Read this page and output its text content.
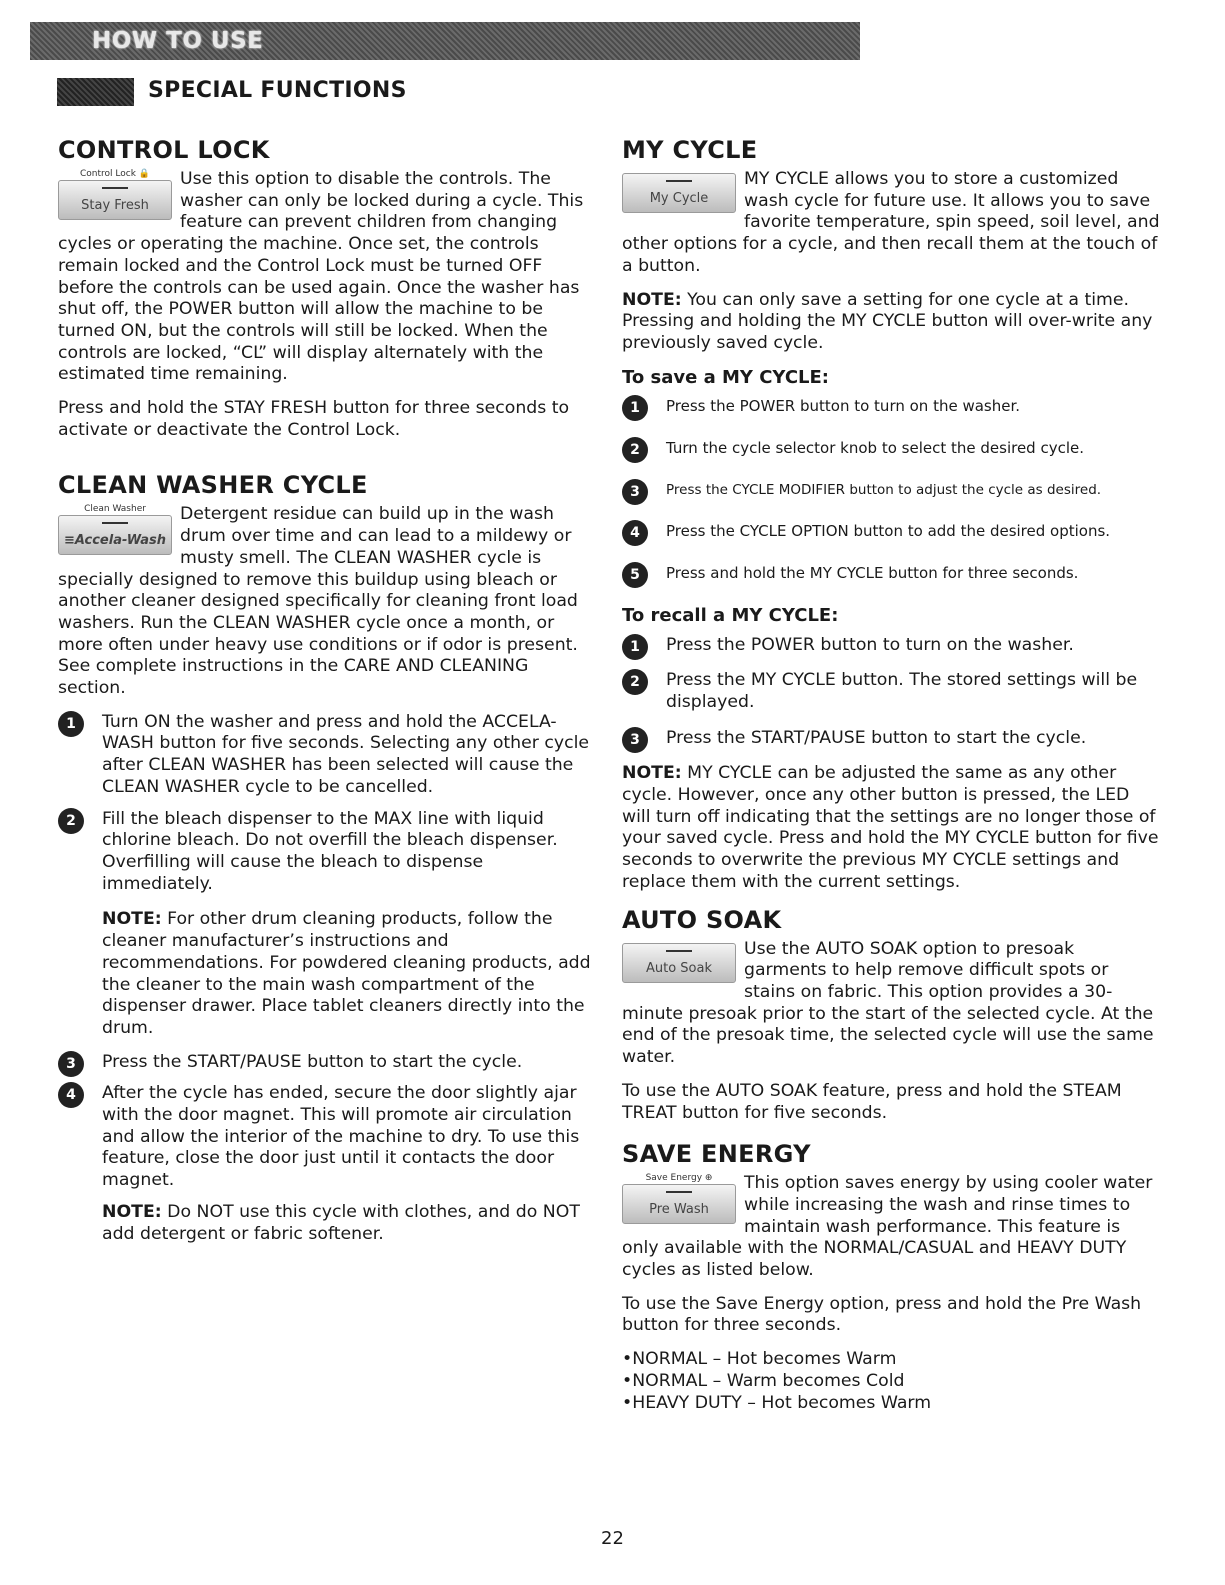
HOW TO USE
SPECIAL FUNCTIONS
CONTROL LOCK
Control Lock 🔒
Stay Fresh

Use this option to disable the controls. The washer can only be locked during a cycle. This feature can prevent children from changing cycles or operating the machine. Once set, the controls remain locked and the Control Lock must be turned OFF before the controls can be used again. Once the washer has shut off, the POWER button will allow the machine to be turned ON, but the controls will still be locked. When the controls are locked, “CL” will display alternately with the estimated time remaining.

Press and hold the STAY FRESH button for three seconds to activate or deactivate the Control Lock.

CLEAN WASHER CYCLE
Clean Washer
≡Accela-Wash

Detergent residue can build up in the wash drum over time and can lead to a mildewy or musty smell. The CLEAN WASHER cycle is specially designed to remove this buildup using bleach or another cleaner designed specifically for cleaning front load washers. Run the CLEAN WASHER cycle once a month, or more often under heavy use conditions or if odor is present. See complete instructions in the CARE AND CLEANING section.

1	Turn ON the washer and press and hold the ACCELA-WASH button for five seconds. Selecting any other cycle after CLEAN WASHER has been selected will cause the CLEAN WASHER cycle to be cancelled.
2	Fill the bleach dispenser to the MAX line with liquid chlorine bleach. Do not overfill the bleach dispenser. Overfilling will cause the bleach to dispense immediately.

NOTE: For other drum cleaning products, follow the cleaner manufacturer’s instructions and recommendations. For powdered cleaning products, add the cleaner to the main wash compartment of the dispenser drawer. Place tablet cleaners directly into the drum.

3	Press the START/PAUSE button to start the cycle.
4	After the cycle has ended, secure the door slightly ajar with the door magnet. This will promote air circulation and allow the interior of the machine to dry. To use this feature, close the door just until it contacts the door magnet.

NOTE: Do NOT use this cycle with clothes, and do NOT add detergent or fabric softener.

MY CYCLE
My Cycle

MY CYCLE allows you to store a customized wash cycle for future use. It allows you to save favorite temperature, spin speed, soil level, and other options for a cycle, and then recall them at the touch of a button.

NOTE: You can only save a setting for one cycle at a time. Pressing and holding the MY CYCLE button will over-write any previously saved cycle.

To save a MY CYCLE:
1	Press the POWER button to turn on the washer.
2	Turn the cycle selector knob to select the desired cycle.
3	Press the CYCLE MODIFIER button to adjust the cycle as desired.
4	Press the CYCLE OPTION button to add the desired options.
5	Press and hold the MY CYCLE button for three seconds.
To recall a MY CYCLE:
1	Press the POWER button to turn on the washer.
2	Press the MY CYCLE button. The stored settings will be displayed.
3	Press the START/PAUSE button to start the cycle.

NOTE: MY CYCLE can be adjusted the same as any other cycle. However, once any other button is pressed, the LED will turn off indicating that the settings are no longer those of your saved cycle. Press and hold the MY CYCLE button for five seconds to overwrite the previous MY CYCLE settings and replace them with the current settings.

AUTO SOAK
Auto Soak

Use the AUTO SOAK option to presoak garments to help remove difficult spots or stains on fabric. This option provides a 30-minute presoak prior to the start of the selected cycle. At the end of the presoak time, the selected cycle will use the same water.

To use the AUTO SOAK feature, press and hold the STEAM TREAT button for five seconds.

SAVE ENERGY
Save Energy ⊕
Pre Wash

This option saves energy by using cooler water while increasing the wash and rinse times to maintain wash performance. This feature is only available with the NORMAL/CASUAL and HEAVY DUTY cycles as listed below.

To use the Save Energy option, press and hold the Pre Wash button for three seconds.

•NORMAL – Hot becomes Warm
•NORMAL – Warm becomes Cold
•HEAVY DUTY – Hot becomes Warm
22
